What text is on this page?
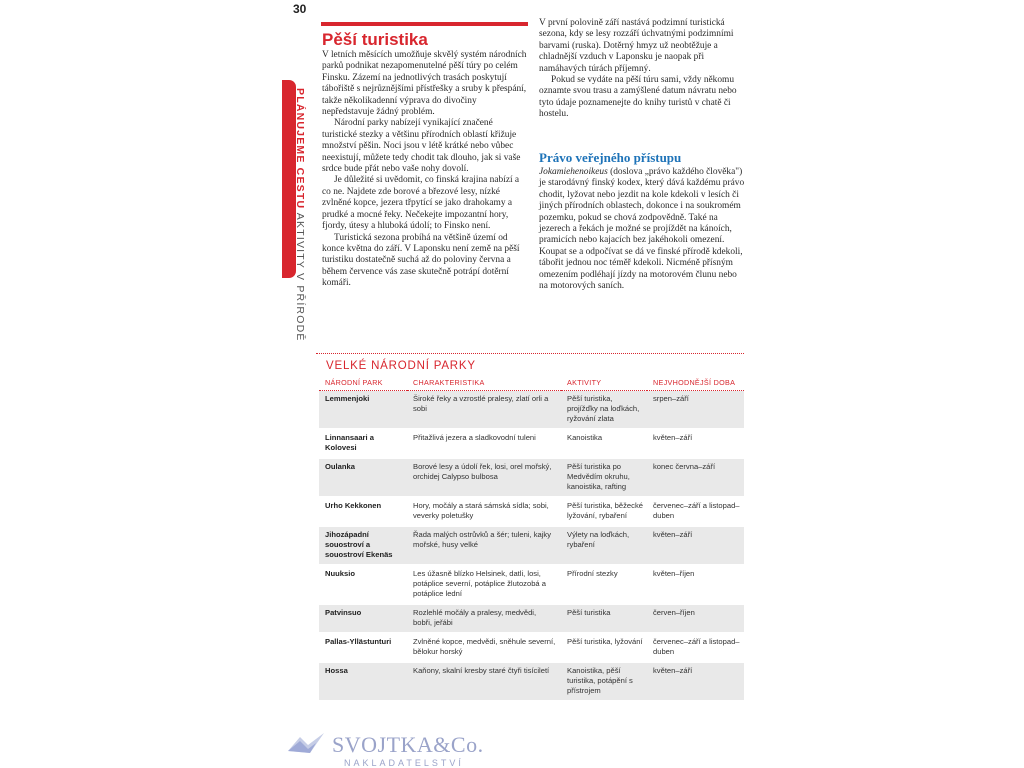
30
PLÁNUJEME CESTU AKTIVITY V PŘÍRODĚ
Pěší turistika

V letních měsících umožňuje skvělý systém národních parků podnikat nezapomenutelné pěší túry po celém Finsku. Zázemí na jednotlivých trasách poskytují tábořiště s nejrůznějšími přístřešky a sruby k přespání, takže několikadenní výprava do divočiny nepředstavuje žádný problém.

Národní parky nabízejí vynikající značené turistické stezky a většinu přírodních oblastí křižuje množství pěšin. Noci jsou v létě krátké nebo vůbec neexistují, můžete tedy chodit tak dlouho, jak si vaše srdce bude přát nebo vaše nohy dovolí.

Je důležité si uvědomit, co finská krajina nabízí a co ne. Najdete zde borové a březové lesy, nízké zvlněné kopce, jezera třpytící se jako drahokamy a prudké a mocné řeky. Nečekejte impozantní hory, fjordy, útesy a hluboká údolí; to Finsko není.

Turistická sezona probíhá na většině území od konce května do září. V Laponsku není země na pěší turistiku dostatečně suchá až do poloviny června a během července vás zase skutečně potrápí dotěrní komáři.

V první polovině září nastává podzimní turistická sezona, kdy se lesy rozzáří úchvatnými podzimními barvami (ruska). Dotěrný hmyz už neobtěžuje a chladnější vzduch v Laponsku je naopak při namáhavých túrách příjemný.

Pokud se vydáte na pěší túru sami, vždy někomu oznamte svou trasu a zamýšlené datum návratu nebo tyto údaje poznamenejte do knihy turistů v chatě či hostelu.

Právo veřejného přístupu

Jokamiehenoikeus (doslova „právo každého člověka") je starodávný finský kodex, který dává každému právo chodit, lyžovat nebo jezdit na kole kdekoli v lesích či jiných přírodních oblastech, dokonce i na soukromém pozemku, pokud se chová zodpovědně. Také na jezerech a řekách je možné se projíždět na kánoích, pramicích nebo kajacích bez jakéhokoli omezení. Koupat se a odpočívat se dá ve finské přírodě kdekoli, tábořit jednou noc téměř kdekoli. Nicméně přísným omezením podléhají jízdy na motorovém člunu nebo na motorových saních.

VELKÉ NÁRODNÍ PARKY
NÁRODNÍ PARK	CHARAKTERISTIKA	AKTIVITY	NEJVHODNĚJŠÍ DOBA
Lemmenjoki	Široké řeky a vzrostlé pralesy, zlatí orli a sobi	Pěší turistika, projížďky na loďkách, ryžování zlata	srpen–září
Linnansaari a Kolovesi	Přitažlivá jezera a sladkovodní tuleni	Kanoistika	květen–září
Oulanka	Borové lesy a údolí řek, losi, orel mořský, orchidej Calypso bulbosa	Pěší turistika po Medvědím okruhu, kanoistika, rafting	konec června–září
Urho Kekkonen	Hory, močály a stará sámská sídla; sobi, veverky poletušky	Pěší turistika, běžecké lyžování, rybaření	červenec–září a listopad–duben
Jihozápadní souostroví a souostroví Ekenäs	Řada malých ostrůvků a šér; tuleni, kajky mořské, husy velké	Výlety na loďkách, rybaření	květen–září
Nuuksio	Les úžasně blízko Helsinek, datli, losi, potáplice severní, potáplice žlutozobá a potáplice lední	Přírodní stezky	květen–říjen
Patvinsuo	Rozlehlé močály a pralesy, medvědi, bobři, jeřábi	Pěší turistika	červen–říjen
Pallas-Yllästunturi	Zvlněné kopce, medvědi, sněhule severní, bělokur horský	Pěší turistika, lyžování	červenec–září a listopad–duben
Hossa	Kaňony, skalní kresby staré čtyři tisíciletí	Kanoistika, pěší turistika, potápění s přístrojem	květen–září
SVOJTKA&Co.
NAKLADATELSTVÍ
